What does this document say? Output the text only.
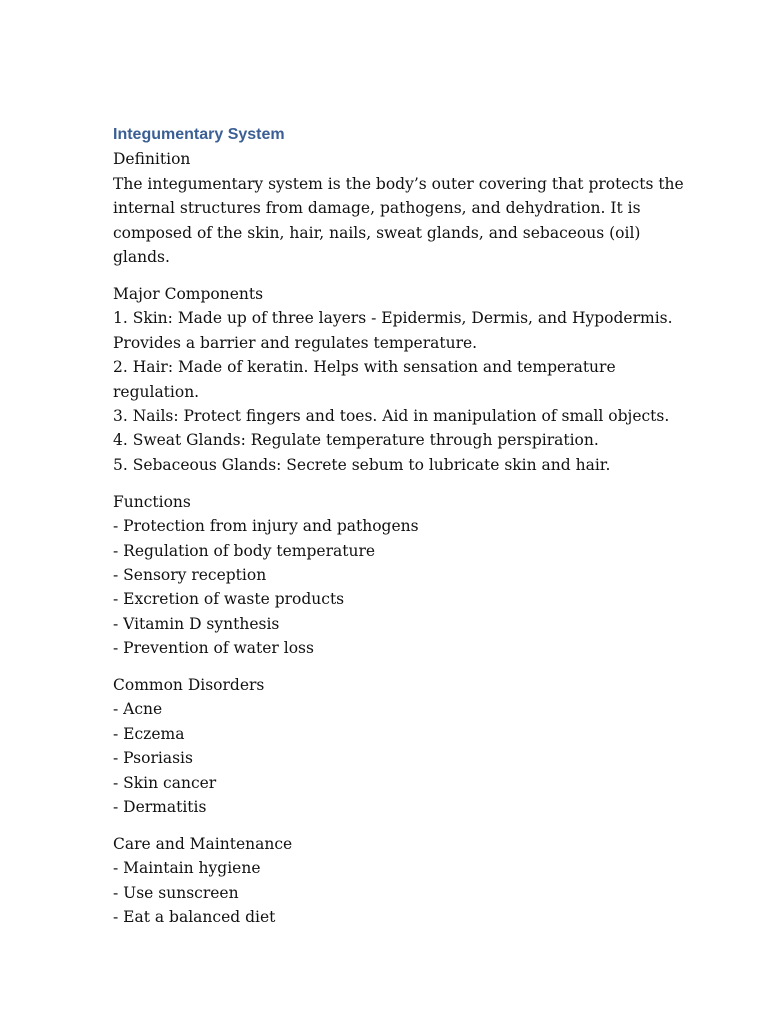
Integumentary System

Definition

The integumentary system is the body’s outer covering that protects the
internal structures from damage, pathogens, and dehydration. It is
composed of the skin, hair, nails, sweat glands, and sebaceous (oil)
glands.

Major Components

1. Skin: Made up of three layers - Epidermis, Dermis, and Hypodermis.
Provides a barrier and regulates temperature.
2. Hair: Made of keratin. Helps with sensation and temperature
regulation.
3. Nails: Protect fingers and toes. Aid in manipulation of small objects.
4. Sweat Glands: Regulate temperature through perspiration.
5. Sebaceous Glands: Secrete sebum to lubricate skin and hair.

Functions

- Protection from injury and pathogens
- Regulation of body temperature
- Sensory reception
- Excretion of waste products
- Vitamin D synthesis
- Prevention of water loss

Common Disorders

- Acne
- Eczema
- Psoriasis
- Skin cancer
- Dermatitis

Care and Maintenance

- Maintain hygiene
- Use sunscreen
- Eat a balanced diet
